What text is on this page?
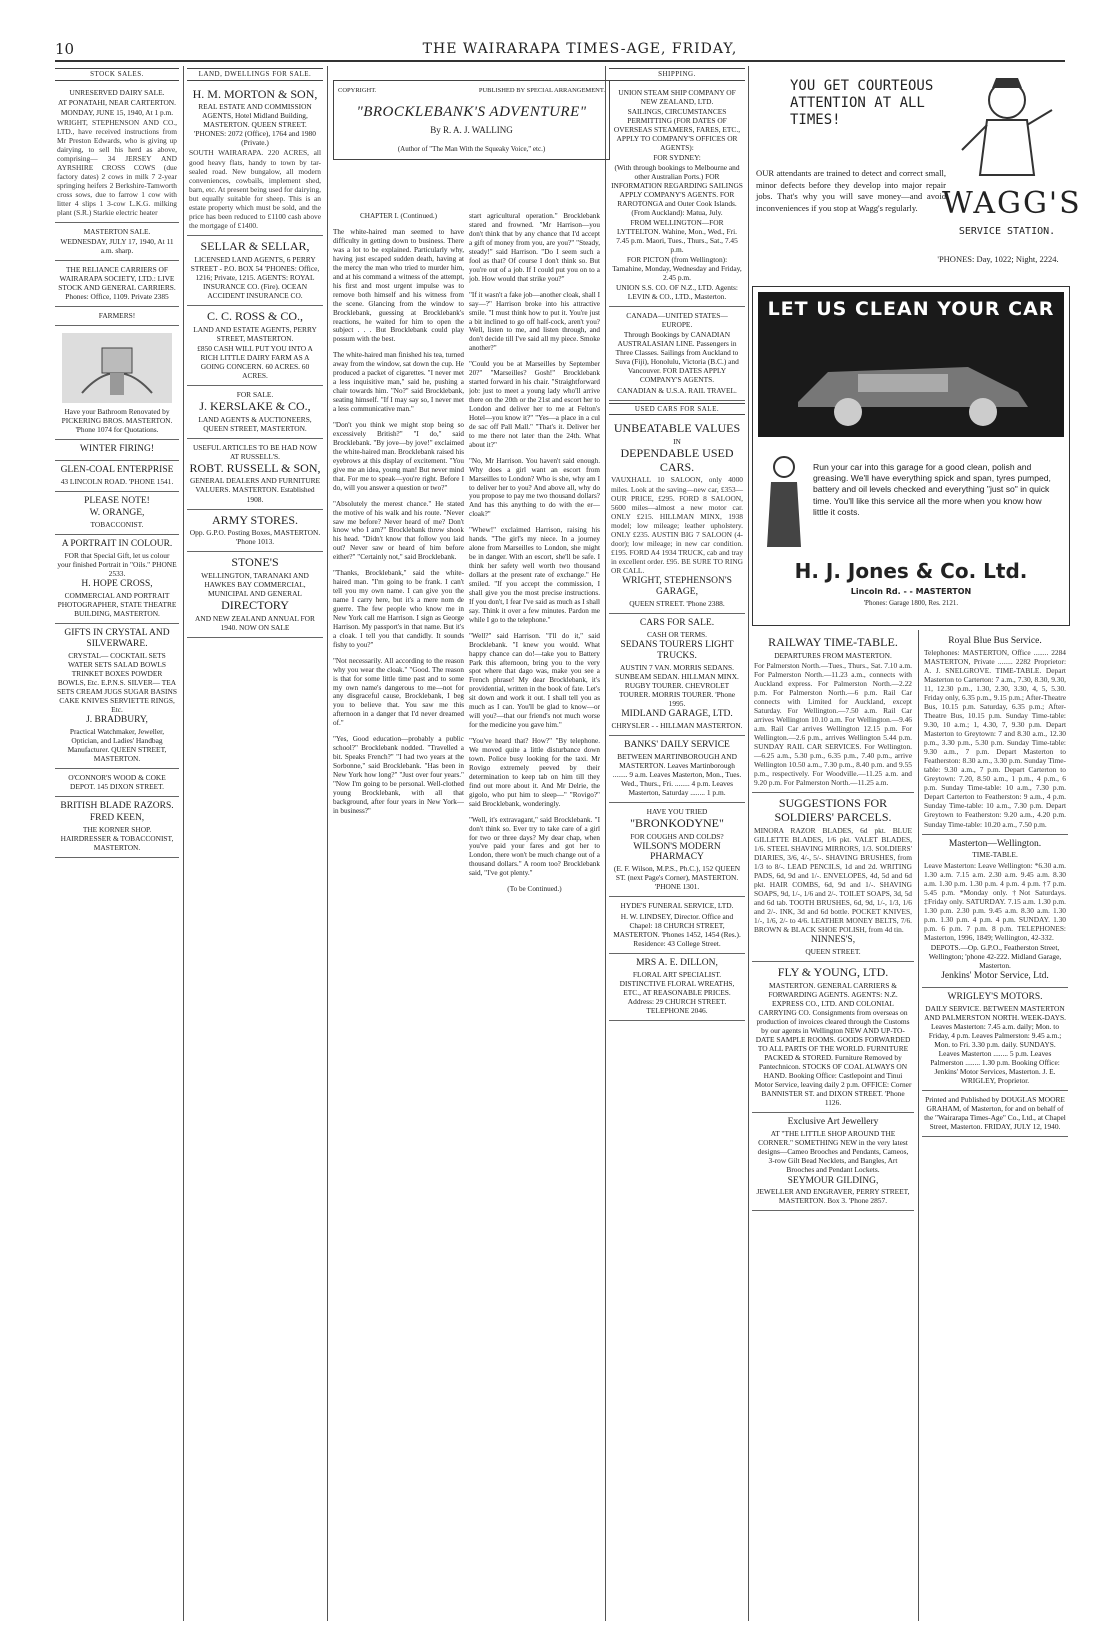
10	THE WAIRARAPA TIMES-AGE, FRIDAY,
STOCK SALES.

UNRESERVED DAIRY SALE.

AT PONATAHI, NEAR CARTERTON.

MONDAY, JUNE 15, 1940, At 1 p.m.

WRIGHT, STEPHENSON AND CO., LTD., have received instructions from Mr Preston Edwards, who is giving up dairying, to sell his herd as above, comprising— 34 JERSEY AND AYRSHIRE CROSS COWS (due factory dates) 2 cows in milk 7 2-year springing heifers 2 Berkshire-Tamworth cross sows, due to farrow 1 cow with litter 4 slips 1 3-cow L.K.G. milking plant (S.R.) Starkie electric heater

MASTERTON SALE.

WEDNESDAY, JULY 17, 1940, At 11 a.m. sharp.

THE RELIANCE CARRIERS OF WAIRARAPA SOCIETY, LTD.: LIVE STOCK AND GENERAL CARRIERS. Phones: Office, 1109. Private 2385

FARMERS!

Have your Bathroom Renovated by PICKERING BROS. MASTERTON. 'Phone 1074 for Quotations.

WINTER FIRING!

GLEN-COAL ENTERPRISE

43 LINCOLN ROAD. 'PHONE 1541.

PLEASE NOTE!

W. ORANGE,

TOBACCONIST.

A PORTRAIT IN COLOUR.

FOR that Special Gift, let us colour your finished Portrait in "Oils." PHONE 2533.

H. HOPE CROSS,

COMMERCIAL AND PORTRAIT PHOTOGRAPHER, STATE THEATRE BUILDING, MASTERTON.

GIFTS IN CRYSTAL AND SILVERWARE.

CRYSTAL— COCKTAIL SETS WATER SETS SALAD BOWLS TRINKET BOXES POWDER BOWLS, Etc. E.P.N.S. SILVER— TEA SETS CREAM JUGS SUGAR BASINS CAKE KNIVES SERVIETTE RINGS, Etc.

J. BRADBURY,

Practical Watchmaker, Jeweller, Optician, and Ladies' Handbag Manufacturer. QUEEN STREET, MASTERTON.

O'CONNOR'S WOOD & COKE DEPOT. 145 DIXON STREET.

BRITISH BLADE RAZORS.

FRED KEEN,

THE KORNER SHOP. HAIRDRESSER & TOBACCONIST, MASTERTON.

LAND, DWELLINGS FOR SALE.

H. M. MORTON & SON,

REAL ESTATE AND COMMISSION AGENTS, Hotel Midland Building, MASTERTON. QUEEN STREET. 'PHONES: 2072 (Office), 1764 and 1980 (Private.)

SOUTH WAIRARAPA. 220 ACRES, all good heavy flats, handy to town by tar-sealed road. New bungalow, all modern conveniences, cowbails, implement shed, barn, etc. At present being used for dairying, but equally suitable for sheep. This is an estate property which must be sold, and the price has been reduced to £1100 cash above the mortgage of £1400.

SELLAR & SELLAR,

LICENSED LAND AGENTS, 6 PERRY STREET - P.O. BOX 54 'PHONES: Office, 1216; Private, 1215. AGENTS: ROYAL INSURANCE CO. (Fire). OCEAN ACCIDENT INSURANCE CO.

C. C. ROSS & CO.,

LAND AND ESTATE AGENTS, PERRY STREET, MASTERTON.

£850 CASH WILL PUT YOU INTO A RICH LITTLE DAIRY FARM AS A GOING CONCERN. 60 ACRES. 60 ACRES.

FOR SALE.

J. KERSLAKE & CO.,

LAND AGENTS & AUCTIONEERS, QUEEN STREET, MASTERTON.

USEFUL ARTICLES TO BE HAD NOW AT RUSSELL'S.

ROBT. RUSSELL & SON,

GENERAL DEALERS AND FURNITURE VALUERS. MASTERTON. Established 1908.

ARMY STORES.

Opp. G.P.O. Posting Boxes, MASTERTON. 'Phone 1013.

STONE'S

WELLINGTON, TARANAKI AND HAWKES BAY COMMERCIAL, MUNICIPAL AND GENERAL

DIRECTORY

AND NEW ZEALAND ANNUAL FOR 1940. NOW ON SALE

COPYRIGHT.	PUBLISHED BY SPECIAL ARRANGEMENT.
"BROCKLEBANK'S ADVENTURE"
By R. A. J. WALLING
(Author of "The Man With the Squeaky Voice," etc.)

CHAPTER I. (Continued.)

The white-haired man seemed to have difficulty in getting down to business. There was a lot to be explained. Particularly why, having just escaped sudden death, having at the mercy the man who tried to murder him, and at his command a witness of the attempt, his first and most urgent impulse was to remove both himself and his witness from the scene. Glancing from the window to Brocklebank, guessing at Brocklebank's reactions, he waited for him to open the subject . . . But Brocklebank could play possum with the best.

The white-haired man finished his tea, turned away from the window, sat down the cup. He produced a packet of cigarettes. "I never met a less inquisitive man," said he, pushing a chair towards him. "No?" said Brocklebank, seating himself. "If I may say so, I never met a less communicative man."

"Don't you think we might stop being so excessively British?" "I do," said Brocklebank. "By jove—by jove!" exclaimed the white-haired man. Brocklebank raised his eyebrows at this display of excitement. "You give me an idea, young man! But never mind that. For me to speak—you're right. Before I do, will you answer a question or two?"

"Absolutely the merest chance." He stated the motive of his walk and his route. "Never saw me before? Never heard of me? Don't know who I am?" Brocklebank threw shook his head. "Didn't know that follow you laid out? Never saw or heard of him before either?" "Certainly not," said Brocklebank.

"Thanks, Brocklebank," said the white-haired man. "I'm going to be frank. I can't tell you my own name. I can give you the name I carry here, but it's a mere nom de guerre. The few people who know me in New York call me Harrison. I sign as George Harrison. My passport's in that name. But it's a cloak. I tell you that candidly. It sounds fishy to you?"

"Not necessarily. All according to the reason why you wear the cloak." "Good. The reason is that for some little time past and to some my own name's dangerous to me—not for any disgraceful cause, Brocklebank, I beg you to believe that. You saw me this afternoon in a danger that I'd never dreamed of."

"Yes, Good education—probably a public school?" Brocklebank nodded. "Travelled a bit. Speaks French?" "I had two years at the Sorbonne," said Brocklebank. "Has been in New York how long?" "Just over four years." "Now I'm going to be personal. Well-clothed young Brocklebank, with all that background, after four years in New York—in business?"

start agricultural operation." Brocklebank stared and frowned. "Mr Harrison—you don't think that by any chance that I'd accept a gift of money from you, are you?" "Steady, steady!" said Harrison. "Do I seem such a fool as that? Of course I don't think so. But you're out of a job. If I could put you on to a job. How would that strike you?"

"If it wasn't a fake job—another cloak, shall I say—?" Harrison broke into his attractive smile. "I must think how to put it. You're just a bit inclined to go off half-cock, aren't you? Well, listen to me, and listen through, and don't decide till I've said all my piece. Smoke another?"

"Could you be at Marseilles by September 20?" "Marseilles? Gosh!" Brocklebank started forward in his chair. "Straightforward job: just to meet a young lady who'll arrive there on the 20th or the 21st and escort her to London and deliver her to me at Felton's Hotel—you know it?" "Yes—a place in a cul de sac off Pall Mall." "That's it. Deliver her to me there not later than the 24th. What about it?"

"No, Mr Harrison. You haven't said enough. Why does a girl want an escort from Marseilles to London? Who is she, why am I to deliver her to you? And above all, why do you propose to pay me two thousand dollars? And has this anything to do with the er—cloak?"

"Whew!" exclaimed Harrison, raising his hands. "The girl's my niece. In a journey alone from Marseilles to London, she might be in danger. With an escort, she'll be safe. I think her safety well worth two thousand dollars at the present rate of exchange." He smiled. "If you accept the commission, I shall give you the most precise instructions. If you don't, I fear I've said as much as I shall say. Think it over a few minutes. Pardon me while I go to the telephone."

"Well?" said Harrison. "I'll do it," said Brocklebank. "I knew you would. What happy chance can do!—take you to Battery Park this afternoon, bring you to the very spot where that dago was, make you see a French phrase! My dear Brocklebank, it's providential, written in the book of fate. Let's sit down and work it out. I shall tell you as much as I can. You'll be glad to know—or will you?—that our friend's not much worse for the medicine you gave him."

"You've heard that? How?" "By telephone. We moved quite a little disturbance down town. Police busy looking for the taxi. Mr Rovigo extremely peeved by their determination to keep tab on him till they find out more about it. And Mr Delrie, the gigolo, who put him to sleep—" "Rovigo?" said Brocklebank, wonderingly.

"Well, it's extravagant," said Brocklebank. "I don't think so. Ever try to take care of a girl for two or three days? My dear chap, when you've paid your fares and got her to London, there won't be much change out of a thousand dollars." A room too? Brocklebank said, "I've got plenty."

(To be Continued.)

SHIPPING.

UNION STEAM SHIP COMPANY OF NEW ZEALAND, LTD.

SAILINGS, CIRCUMSTANCES PERMITTING (FOR DATES OF OVERSEAS STEAMERS, FARES, ETC., APPLY TO COMPANY'S OFFICES OR AGENTS):

FOR SYDNEY:

(With through bookings to Melbourne and other Australian Ports.) FOR INFORMATION REGARDING SAILINGS APPLY COMPANY'S AGENTS. FOR RAROTONGA and Outer Cook Islands. (From Auckland): Matua, July.

FROM WELLINGTON—FOR LYTTELTON. Wahine, Mon., Wed., Fri. 7.45 p.m. Maori, Tues., Thurs., Sat., 7.45 p.m.

FOR PICTON (from Wellington): Tamahine, Monday, Wednesday and Friday, 2.45 p.m.

UNION S.S. CO. OF N.Z., LTD. Agents: LEVIN & CO., LTD., Masterton.

CANADA—UNITED STATES—EUROPE.

Through Bookings by CANADIAN AUSTRALASIAN LINE. Passengers in Three Classes. Sailings from Auckland to Suva (Fiji), Honolulu, Victoria (B.C.) and Vancouver. FOR DATES APPLY COMPANY'S AGENTS.

CANADIAN & U.S.A. RAIL TRAVEL.

USED CARS FOR SALE.

UNBEATABLE VALUES

IN

DEPENDABLE USED CARS.

VAUXHALL 10 SALOON, only 4000 miles. Look at the saving—new car, £353— OUR PRICE, £295. FORD 8 SALOON, 5600 miles—almost a new motor car. ONLY £215. HILLMAN MINX, 1938 model; low mileage; leather upholstery. ONLY £235. AUSTIN BIG 7 SALOON (4-door); low mileage; in new car condition. £195. FORD A4 1934 TRUCK, cab and tray in excellent order. £95. BE SURE TO RING OR CALL.

WRIGHT, STEPHENSON'S GARAGE,

QUEEN STREET. 'Phone 2388.

CARS FOR SALE.

CASH OR TERMS.

SEDANS TOURERS LIGHT TRUCKS.

AUSTIN 7 VAN. MORRIS SEDANS. SUNBEAM SEDAN. HILLMAN MINX. RUGBY TOURER. CHEVROLET TOURER. MORRIS TOURER. 'Phone 1995.

MIDLAND GARAGE, LTD.

CHRYSLER - - HILLMAN MASTERTON.

BANKS' DAILY SERVICE

BETWEEN MARTINBOROUGH AND MASTERTON. Leaves Martinborough ........ 9 a.m. Leaves Masterton, Mon., Tues. Wed., Thurs., Fri. ........ 4 p.m. Leaves Masterton, Saturday ........ 1 p.m.

HAVE YOU TRIED

"BRONKODYNE"

FOR COUGHS AND COLDS?

WILSON'S MODERN PHARMACY

(E. F. Wilson, M.P.S., Ph.C.), 152 QUEEN ST. (next Page's Corner), MASTERTON. 'PHONE 1301.

HYDE'S FUNERAL SERVICE, LTD.

H. W. LINDSEY, Director. Office and Chapel: 18 CHURCH STREET, MASTERTON. 'Phones 1452, 1454 (Res.). Residence: 43 College Street.

MRS A. E. DILLON,

FLORAL ART SPECIALIST. DISTINCTIVE FLORAL WREATHS, ETC., AT REASONABLE PRICES. Address: 29 CHURCH STREET. TELEPHONE 2046.

YOU GET COURTEOUS ATTENTION AT ALL TIMES!
OUR attendants are trained to detect and correct small, minor defects before they develop into major repair jobs. That's why you will save money—and avoid inconveniences if you stop at Wagg's regularly. WAGG'S
SERVICE STATION.
'PHONES: Day, 1022; Night, 2224.
LET US CLEAN YOUR CAR
Run your car into this garage for a good clean, polish and greasing. We'll have everything spick and span, tyres pumped, battery and oil levels checked and everything "just so" in quick time. You'll like this service all the more when you know how little it costs.
H. J. Jones & Co. Ltd.
Lincoln Rd. - - MASTERTON
'Phones: Garage 1800, Res. 2121.

RAILWAY TIME-TABLE.

DEPARTURES FROM MASTERTON.

For Palmerston North.—Tues., Thurs., Sat. 7.10 a.m. For Palmerston North.—11.23 a.m., connects with Auckland express. For Palmerston North.—2.22 p.m. For Palmerston North.—6 p.m. Rail Car connects with Limited for Auckland, except Saturday. For Wellington.—7.50 a.m. Rail Car arrives Wellington 10.10 a.m. For Wellington.—9.46 a.m. Rail Car arrives Wellington 12.15 p.m. For Wellington.—2.6 p.m., arrives Wellington 5.44 p.m. SUNDAY RAIL CAR SERVICES. For Wellington.—6.25 a.m., 5.30 p.m., 6.35 p.m., 7.40 p.m., arrive Wellington 10.50 a.m., 7.30 p.m., 8.40 p.m. and 9.55 p.m., respectively. For Woodville.—11.25 a.m. and 9.20 p.m. For Palmerston North.—11.25 a.m.

SUGGESTIONS FOR SOLDIERS' PARCELS.

MINORA RAZOR BLADES, 6d pkt. BLUE GILLETTE BLADES, 1/6 pkt. VALET BLADES, 1/6. STEEL SHAVING MIRRORS, 1/3. SOLDIERS' DIARIES, 3/6, 4/-, 5/-. SHAVING BRUSHES, from 1/3 to 8/-. LEAD PENCILS, 1d and 2d. WRITING PADS, 6d, 9d and 1/-. ENVELOPES, 4d, 5d and 6d pkt. HAIR COMBS, 6d, 9d and 1/-. SHAVING SOAPS, 9d, 1/-, 1/6 and 2/-. TOILET SOAPS, 3d, 5d and 6d tab. TOOTH BRUSHES, 6d, 9d, 1/-, 1/3, 1/6 and 2/-. INK, 3d and 6d bottle. POCKET KNIVES, 1/-, 1/6, 2/- to 4/6. LEATHER MONEY BELTS, 7/6. BROWN & BLACK SHOE POLISH, from 4d tin.

NINNES'S,

QUEEN STREET.

FLY & YOUNG, LTD.

MASTERTON. GENERAL CARRIERS & FORWARDING AGENTS. AGENTS: N.Z. EXPRESS CO., LTD. AND COLONIAL CARRYING CO. Consignments from overseas on production of invoices cleared through the Customs by our agents in Wellington NEW AND UP-TO-DATE SAMPLE ROOMS. GOODS FORWARDED TO ALL PARTS OF THE WORLD. FURNITURE PACKED & STORED. Furniture Removed by Pantechnicon. STOCKS OF COAL ALWAYS ON HAND. Booking Office: Castlepoint and Tinui Motor Service, leaving daily 2 p.m. OFFICE: Corner BANNISTER ST. and DIXON STREET. 'Phone 1126.

Exclusive Art Jewellery

AT "THE LITTLE SHOP AROUND THE CORNER." SOMETHING NEW in the very latest designs—Cameo Brooches and Pendants, Cameos, 3-row Gilt Bead Necklets, and Bangles, Art Brooches and Pendant Lockets.

SEYMOUR GILDING,

JEWELLER AND ENGRAVER, PERRY STREET, MASTERTON. Box 3. 'Phone 2857.

Royal Blue Bus Service.

Telephones: MASTERTON, Office ........ 2284 MASTERTON, Private ........ 2282 Proprietor: A. J. SNELGROVE. TIME-TABLE. Depart Masterton to Carterton: 7 a.m., 7.30, 8.30, 9.30, 11, 12.30 p.m., 1.30, 2.30, 3.30, 4, 5, 5.30. Friday only, 6.35 p.m., 9.15 p.m.; After-Theatre Bus, 10.15 p.m. Saturday, 6.35 p.m.; After-Theatre Bus, 10.15 p.m. Sunday Time-table: 9.30, 10 a.m.; 1, 4.30, 7, 9.30 p.m. Depart Masterton to Greytown: 7 and 8.30 a.m., 12.30 p.m., 3.30 p.m., 5.30 p.m. Sunday Time-table: 9.30 a.m., 7 p.m. Depart Masterton to Featherston: 8.30 a.m., 3.30 p.m. Sunday Time-table: 9.30 a.m., 7 p.m. Depart Carterton to Greytown: 7.20, 8.50 a.m., 1 p.m., 4 p.m., 6 p.m. Sunday Time-table: 10 a.m., 7.30 p.m. Depart Carterton to Featherston: 9 a.m., 4 p.m. Sunday Time-table: 10 a.m., 7.30 p.m. Depart Greytown to Featherston: 9.20 a.m., 4.20 p.m. Sunday Time-table: 10.20 a.m., 7.50 p.m.

Masterton—Wellington.

TIME-TABLE.

Leave Masterton: Leave Wellington: *6.30 a.m. 1.30 a.m. 7.15 a.m. 2.30 a.m. 9.45 a.m. 8.30 a.m. 1.30 p.m. 1.30 p.m. 4 p.m. 4 p.m. †7 p.m. 5.45 p.m. *Monday only. †Not Saturdays. ‡Friday only. SATURDAY. 7.15 a.m. 1.30 p.m. 1.30 p.m. 2.30 p.m. 9.45 a.m. 8.30 a.m. 1.30 p.m. 1.30 p.m. 4 p.m. 4 p.m. SUNDAY. 1.30 p.m. 6 p.m. 7 p.m. 8 p.m. TELEPHONES: Masterton, 1996, 1849; Wellington, 42-332.

DEPOTS.—Op. G.P.O., Featherston Street, Wellington; 'phone 42-222. Midland Garage, Masterton.

Jenkins' Motor Service, Ltd.

WRIGLEY'S MOTORS.

DAILY SERVICE. BETWEEN MASTERTON AND PALMERSTON NORTH. WEEK-DAYS. Leaves Masterton: 7.45 a.m. daily; Mon. to Friday, 4 p.m. Leaves Palmerston: 9.45 a.m.; Mon. to Fri. 3.30 p.m. daily. SUNDAYS. Leaves Masterton ........ 5 p.m. Leaves Palmerston ........ 1.30 p.m. Booking Office: Jenkins' Motor Services, Masterton. J. E. WRIGLEY, Proprietor.

Printed and Published by DOUGLAS MOORE GRAHAM, of Masterton, for and on behalf of the "Wairarapa Times-Age" Co., Ltd., at Chapel Street, Masterton. FRIDAY, JULY 12, 1940.
